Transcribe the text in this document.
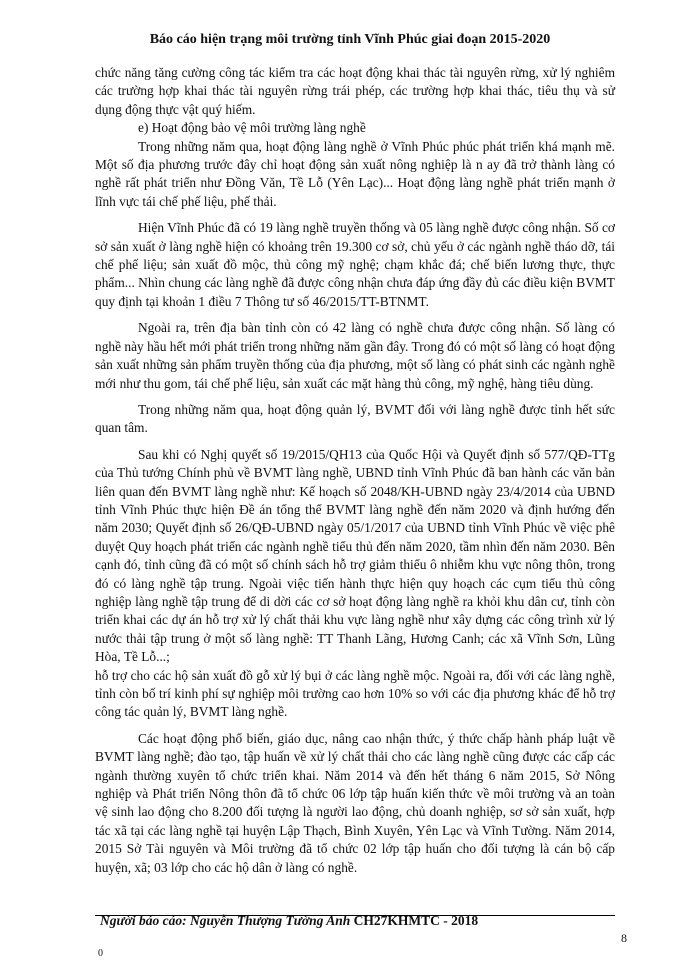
Báo cáo hiện trạng môi trường tỉnh Vĩnh Phúc giai đoạn 2015-2020

chức năng tăng cường công tác kiểm tra các hoạt động khai thác tài nguyên rừng, xử lý nghiêm các trường hợp khai thác tài nguyên rừng trái phép, các trường hợp khai thác, tiêu thụ và sử dụng động thực vật quý hiếm.

e) Hoạt động bảo vệ môi trường làng nghề

Trong những năm qua, hoạt động làng nghề ở Vĩnh Phúc phúc phát triển khá mạnh mẽ. Một số địa phương trước đây chỉ hoạt động sản xuất nông nghiệp là n ay đã trở thành làng có nghề rất phát triển như Đồng Văn, Tề Lỗ (Yên Lạc)... Hoạt động làng nghề phát triển mạnh ở lĩnh vực tái chế phế liệu, phế thải.

Hiện Vĩnh Phúc đã có 19 làng nghề truyền thống và 05 làng nghề được công nhận. Số cơ sở sản xuất ở làng nghề hiện có khoảng trên 19.300 cơ sở, chủ yếu ở các ngành nghề tháo dỡ, tái chế phế liệu; sản xuất đồ mộc, thủ công mỹ nghệ; chạm khắc đá; chế biến lương thực, thực phẩm... Nhìn chung các làng nghề đã được công nhận chưa đáp ứng đầy đủ các điều kiện BVMT quy định tại khoản 1 điều 7 Thông tư số 46/2015/TT-BTNMT.

Ngoài ra, trên địa bàn tỉnh còn có 42 làng có nghề chưa được công nhận. Số làng có nghề này hầu hết mới phát triển trong những năm gần đây. Trong đó có một số làng có hoạt động sản xuất những sản phẩm truyền thống của địa phương, một số làng có phát sinh các ngành nghề mới như thu gom, tái chế phế liệu, sản xuất các mặt hàng thủ công, mỹ nghệ, hàng tiêu dùng.

Trong những năm qua, hoạt động quản lý, BVMT đối với làng nghề được tỉnh hết sức quan tâm.

Sau khi có Nghị quyết số 19/2015/QH13 của Quốc Hội và Quyết định số 577/QĐ-TTg của Thủ tướng Chính phủ về BVMT làng nghề, UBND tỉnh Vĩnh Phúc đã ban hành các văn bản liên quan đến BVMT làng nghề như: Kế hoạch số 2048/KH-UBND ngày 23/4/2014 của UBND tỉnh Vĩnh Phúc thực hiện Đề án tổng thể BVMT làng nghề đến năm 2020 và định hướng đến năm 2030; Quyết định số 26/QĐ-UBND ngày 05/1/2017 của UBND tỉnh Vĩnh Phúc về việc phê duyệt Quy hoạch phát triển các ngành nghề tiểu thủ đến năm 2020, tầm nhìn đến năm 2030. Bên cạnh đó, tỉnh cũng đã có một số chính sách hỗ trợ giảm thiểu ô nhiễm khu vực nông thôn, trong đó có làng nghề tập trung. Ngoài việc tiến hành thực hiện quy hoạch các cụm tiểu thủ công nghiệp làng nghề tập trung để di dời các cơ sở hoạt động làng nghề ra khỏi khu dân cư, tỉnh còn triển khai các dự án hỗ trợ xử lý chất thải khu vực làng nghề như xây dựng các công trình xử lý nước thải tập trung ở một số làng nghề: TT Thanh Lãng, Hương Canh; các xã Vĩnh Sơn, Lũng Hòa, Tề Lỗ...;

hỗ trợ cho các hộ sản xuất đồ gỗ xử lý bụi ở các làng nghề mộc. Ngoài ra, đối với các làng nghề, tỉnh còn bố trí kinh phí sự nghiệp môi trường cao hơn 10% so với các địa phương khác để hỗ trợ công tác quản lý, BVMT làng nghề.

Các hoạt động phổ biến, giáo dục, nâng cao nhận thức, ý thức chấp hành pháp luật về BVMT làng nghề; đào tạo, tập huấn về xử lý chất thải cho các làng nghề cũng được các cấp các ngành thường xuyên tổ chức triển khai. Năm 2014 và đến hết tháng 6 năm 2015, Sở Nông nghiệp và Phát triển Nông thôn đã tổ chức 06 lớp tập huấn kiến thức về môi trường và an toàn vệ sinh lao động cho 8.200 đối tượng là người lao động, chủ doanh nghiệp, sơ sở sản xuất, hợp tác xã tại các làng nghề tại huyện Lập Thạch, Bình Xuyên, Yên Lạc và Vĩnh Tường. Năm 2014, 2015 Sở Tài nguyên và Môi trường đã tổ chức 02 lớp tập huấn cho đối tượng là cán bộ cấp huyện, xã; 03 lớp cho các hộ dân ở làng có nghề.

Người báo cáo: Nguyễn Thượng Tường Anh CH27KHMTC - 2018
8
0
